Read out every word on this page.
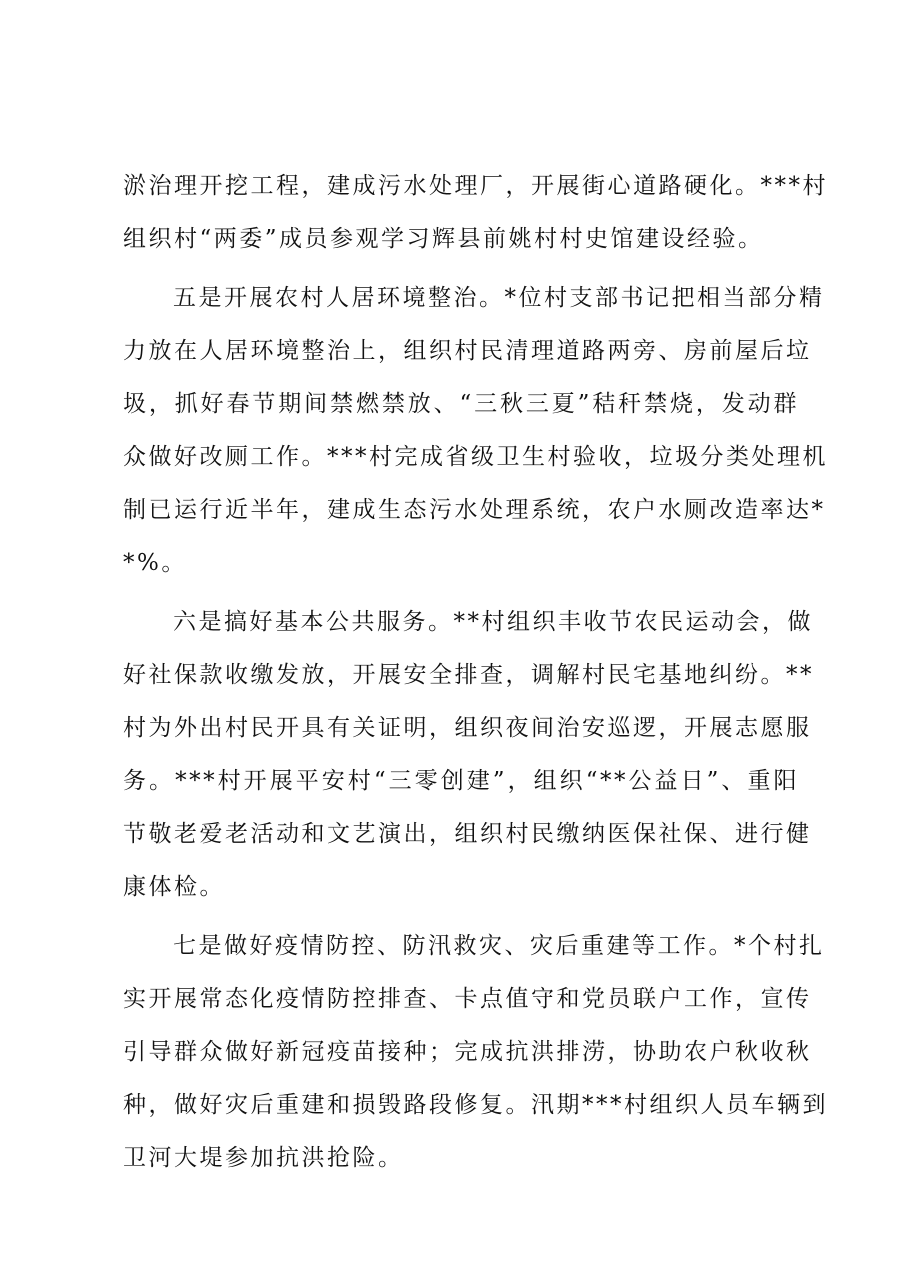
淤治理开挖工程，建成污水处理厂，开展街心道路硬化。***村
组织村“两委”成员参观学习辉县前姚村村史馆建设经验。
五是开展农村人居环境整治。*位村支部书记把相当部分精
力放在人居环境整治上，组织村民清理道路两旁、房前屋后垃
圾，抓好春节期间禁燃禁放、“三秋三夏”秸秆禁烧，发动群
众做好改厕工作。***村完成省级卫生村验收，垃圾分类处理机
制已运行近半年，建成生态污水处理系统，农户水厕改造率达*
*%。
六是搞好基本公共服务。**村组织丰收节农民运动会，做
好社保款收缴发放，开展安全排查，调解村民宅基地纠纷。**
村为外出村民开具有关证明，组织夜间治安巡逻，开展志愿服
务。***村开展平安村“三零创建”，组织“**公益日”、重阳
节敬老爱老活动和文艺演出，组织村民缴纳医保社保、进行健
康体检。
七是做好疫情防控、防汛救灾、灾后重建等工作。*个村扎
实开展常态化疫情防控排查、卡点值守和党员联户工作，宣传
引导群众做好新冠疫苗接种；完成抗洪排涝，协助农户秋收秋
种，做好灾后重建和损毁路段修复。汛期***村组织人员车辆到
卫河大堤参加抗洪抢险。
